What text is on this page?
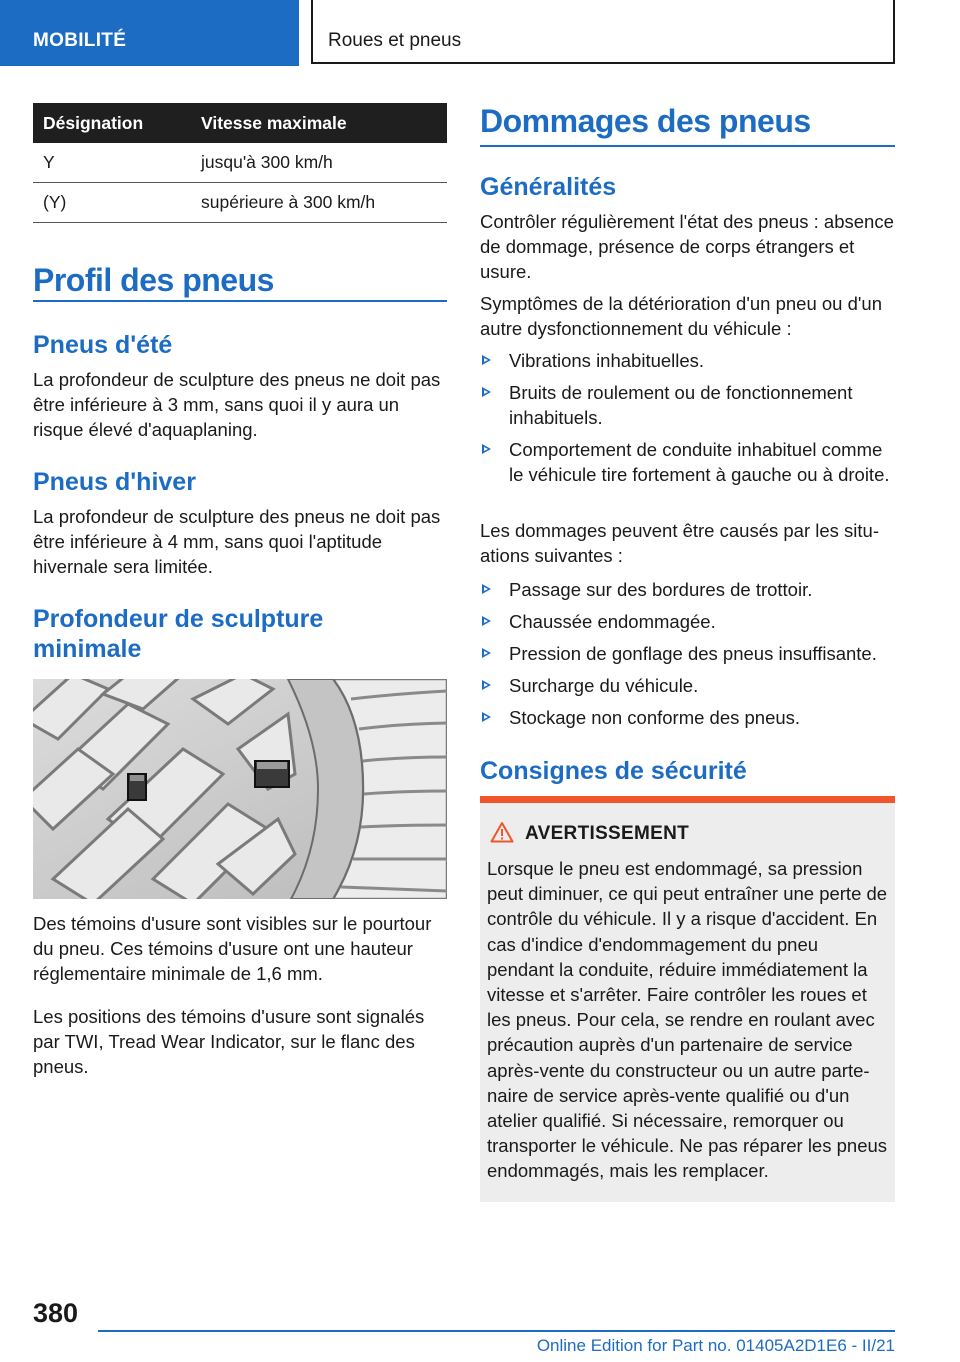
MOBILITÉ	Roues et pneus
Désignation	Vitesse maximale
Y	jusqu'à 300 km/h
(Y)	supérieure à 300 km/h
Profil des pneus
Pneus d'été

La profondeur de sculpture des pneus ne doit pas être inférieure à 3 mm, sans quoi il y aura un risque élevé d'aquaplaning.

Pneus d'hiver

La profondeur de sculpture des pneus ne doit pas être inférieure à 4 mm, sans quoi l'aptitude hivernale sera limitée.

Profondeur de sculpture minimale

Des témoins d'usure sont visibles sur le pourtour du pneu. Ces témoins d'usure ont une hauteur réglementaire minimale de 1,6 mm.

Les positions des témoins d'usure sont signalés par TWI, Tread Wear Indicator, sur le flanc des pneus.

Dommages des pneus
Généralités

Contrôler régulièrement l'état des pneus : absence de dommage, présence de corps étrangers et usure.

Symptômes de la détérioration d'un pneu ou d'un autre dysfonctionnement du véhicule :

Vibrations inhabituelles.
Bruits de roulement ou de fonctionnement inhabituels.
Comportement de conduite inhabituel comme le véhicule tire fortement à gauche ou à droite.

Les dommages peuvent être causés par les situations suivantes :

Passage sur des bordures de trottoir.
Chaussée endommagée.
Pression de gonflage des pneus insuffisante.
Surcharge du véhicule.
Stockage non conforme des pneus.
Consignes de sécurité
AVERTISSEMENT

Lorsque le pneu est endommagé, sa pression peut diminuer, ce qui peut entraîner une perte de contrôle du véhicule. Il y a risque d'accident. En cas d'indice d'endommagement du pneu pendant la conduite, réduire immédiatement la vitesse et s'arrêter. Faire contrôler les roues et les pneus. Pour cela, se rendre en roulant avec précaution auprès d'un partenaire de service après-vente du constructeur ou un autre partenaire de service après-vente qualifié ou d'un atelier qualifié. Si nécessaire, remorquer ou transporter le véhicule. Ne pas réparer les pneus endommagés, mais les remplacer.

380
Online Edition for Part no. 01405A2D1E6 - II/21
